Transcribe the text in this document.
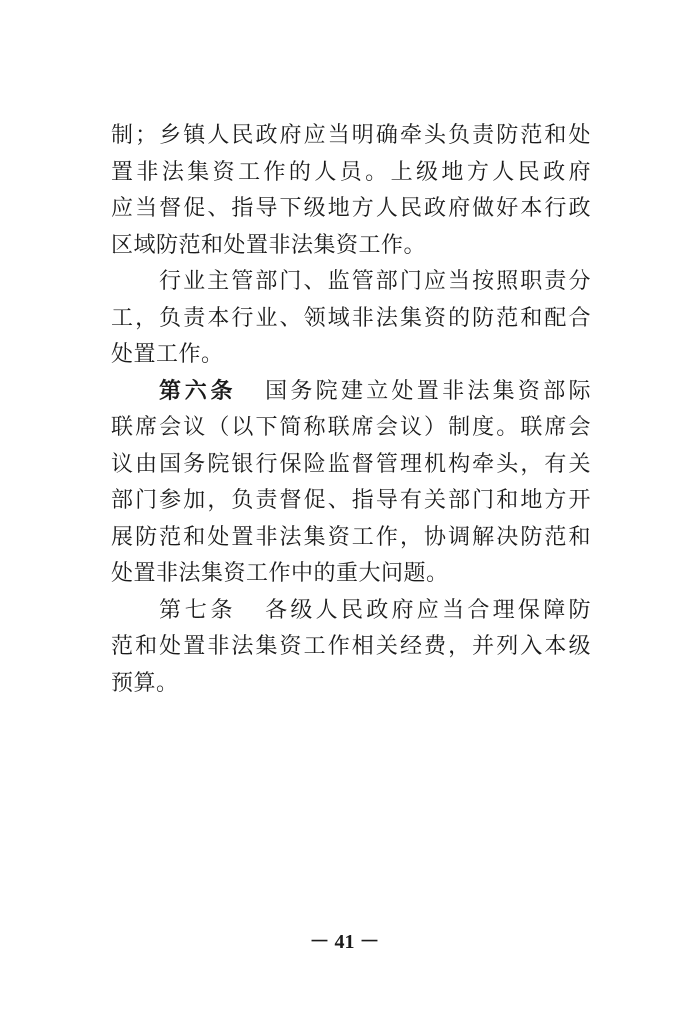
制；乡镇人民政府应当明确牵头负责防范和处
置非法集资工作的人员。上级地方人民政府
应当督促、指导下级地方人民政府做好本行政
区域防范和处置非法集资工作。
行业主管部门、监管部门应当按照职责分
工，负责本行业、领域非法集资的防范和配合
处置工作。
第六条 国务院建立处置非法集资部际
联席会议（以下简称联席会议）制度。联席会
议由国务院银行保险监督管理机构牵头，有关
部门参加，负责督促、指导有关部门和地方开
展防范和处置非法集资工作，协调解决防范和
处置非法集资工作中的重大问题。
第七条 各级人民政府应当合理保障防
范和处置非法集资工作相关经费，并列入本级
预算。
－ 41 －
